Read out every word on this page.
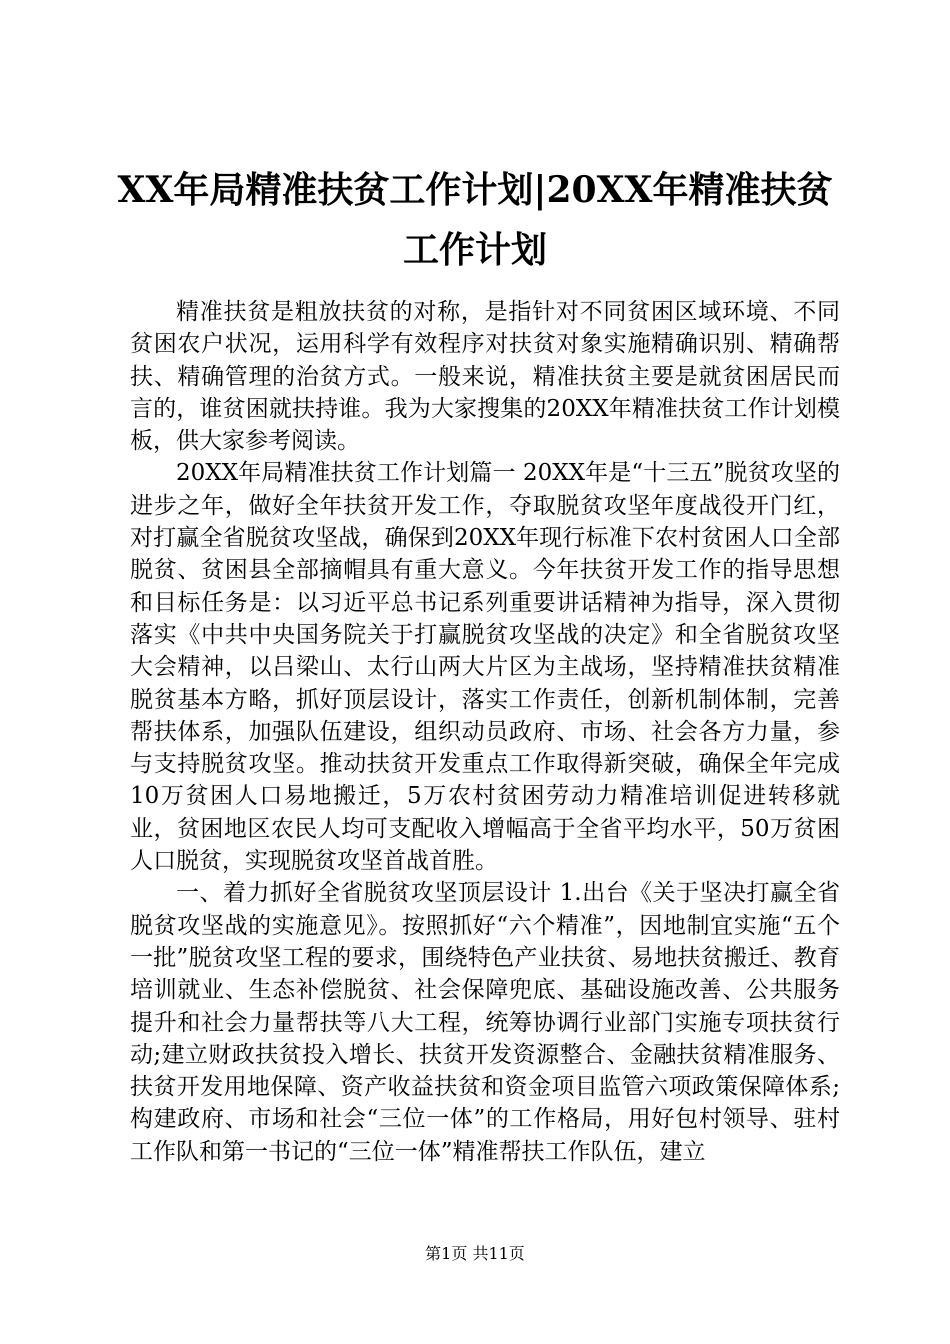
XX年局精准扶贫工作计划|20XX年精准扶贫工作计划

精准扶贫是粗放扶贫的对称，是指针对不同贫困区域环境、不同贫困农户状况，运用科学有效程序对扶贫对象实施精确识别、精确帮扶、精确管理的治贫方式。一般来说，精准扶贫主要是就贫困居民而言的，谁贫困就扶持谁。我为大家搜集的20XX年精准扶贫工作计划模板，供大家参考阅读。

20XX年局精准扶贫工作计划篇一 20XX年是“十三五”脱贫攻坚的进步之年，做好全年扶贫开发工作，夺取脱贫攻坚年度战役开门红，对打赢全省脱贫攻坚战，确保到20XX年现行标准下农村贫困人口全部脱贫、贫困县全部摘帽具有重大意义。今年扶贫开发工作的指导思想和目标任务是：以习近平总书记系列重要讲话精神为指导，深入贯彻落实《中共中央国务院关于打赢脱贫攻坚战的决定》和全省脱贫攻坚大会精神，以吕梁山、太行山两大片区为主战场，坚持精准扶贫精准脱贫基本方略，抓好顶层设计，落实工作责任，创新机制体制，完善帮扶体系，加强队伍建设，组织动员政府、市场、社会各方力量，参与支持脱贫攻坚。推动扶贫开发重点工作取得新突破，确保全年完成10万贫困人口易地搬迁，5万农村贫困劳动力精准培训促进转移就业，贫困地区农民人均可支配收入增幅高于全省平均水平，50万贫困人口脱贫，实现脱贫攻坚首战首胜。

一、着力抓好全省脱贫攻坚顶层设计 1.出台《关于坚决打赢全省脱贫攻坚战的实施意见》。按照抓好“六个精准”，因地制宜实施“五个一批”脱贫攻坚工程的要求，围绕特色产业扶贫、易地扶贫搬迁、教育培训就业、生态补偿脱贫、社会保障兜底、基础设施改善、公共服务提升和社会力量帮扶等八大工程，统筹协调行业部门实施专项扶贫行动;建立财政扶贫投入增长、扶贫开发资源整合、金融扶贫精准服务、扶贫开发用地保障、资产收益扶贫和资金项目监管六项政策保障体系;构建政府、市场和社会“三位一体”的工作格局，用好包村领导、驻村工作队和第一书记的“三位一体”精准帮扶工作队伍，建立

第1页 共11页
